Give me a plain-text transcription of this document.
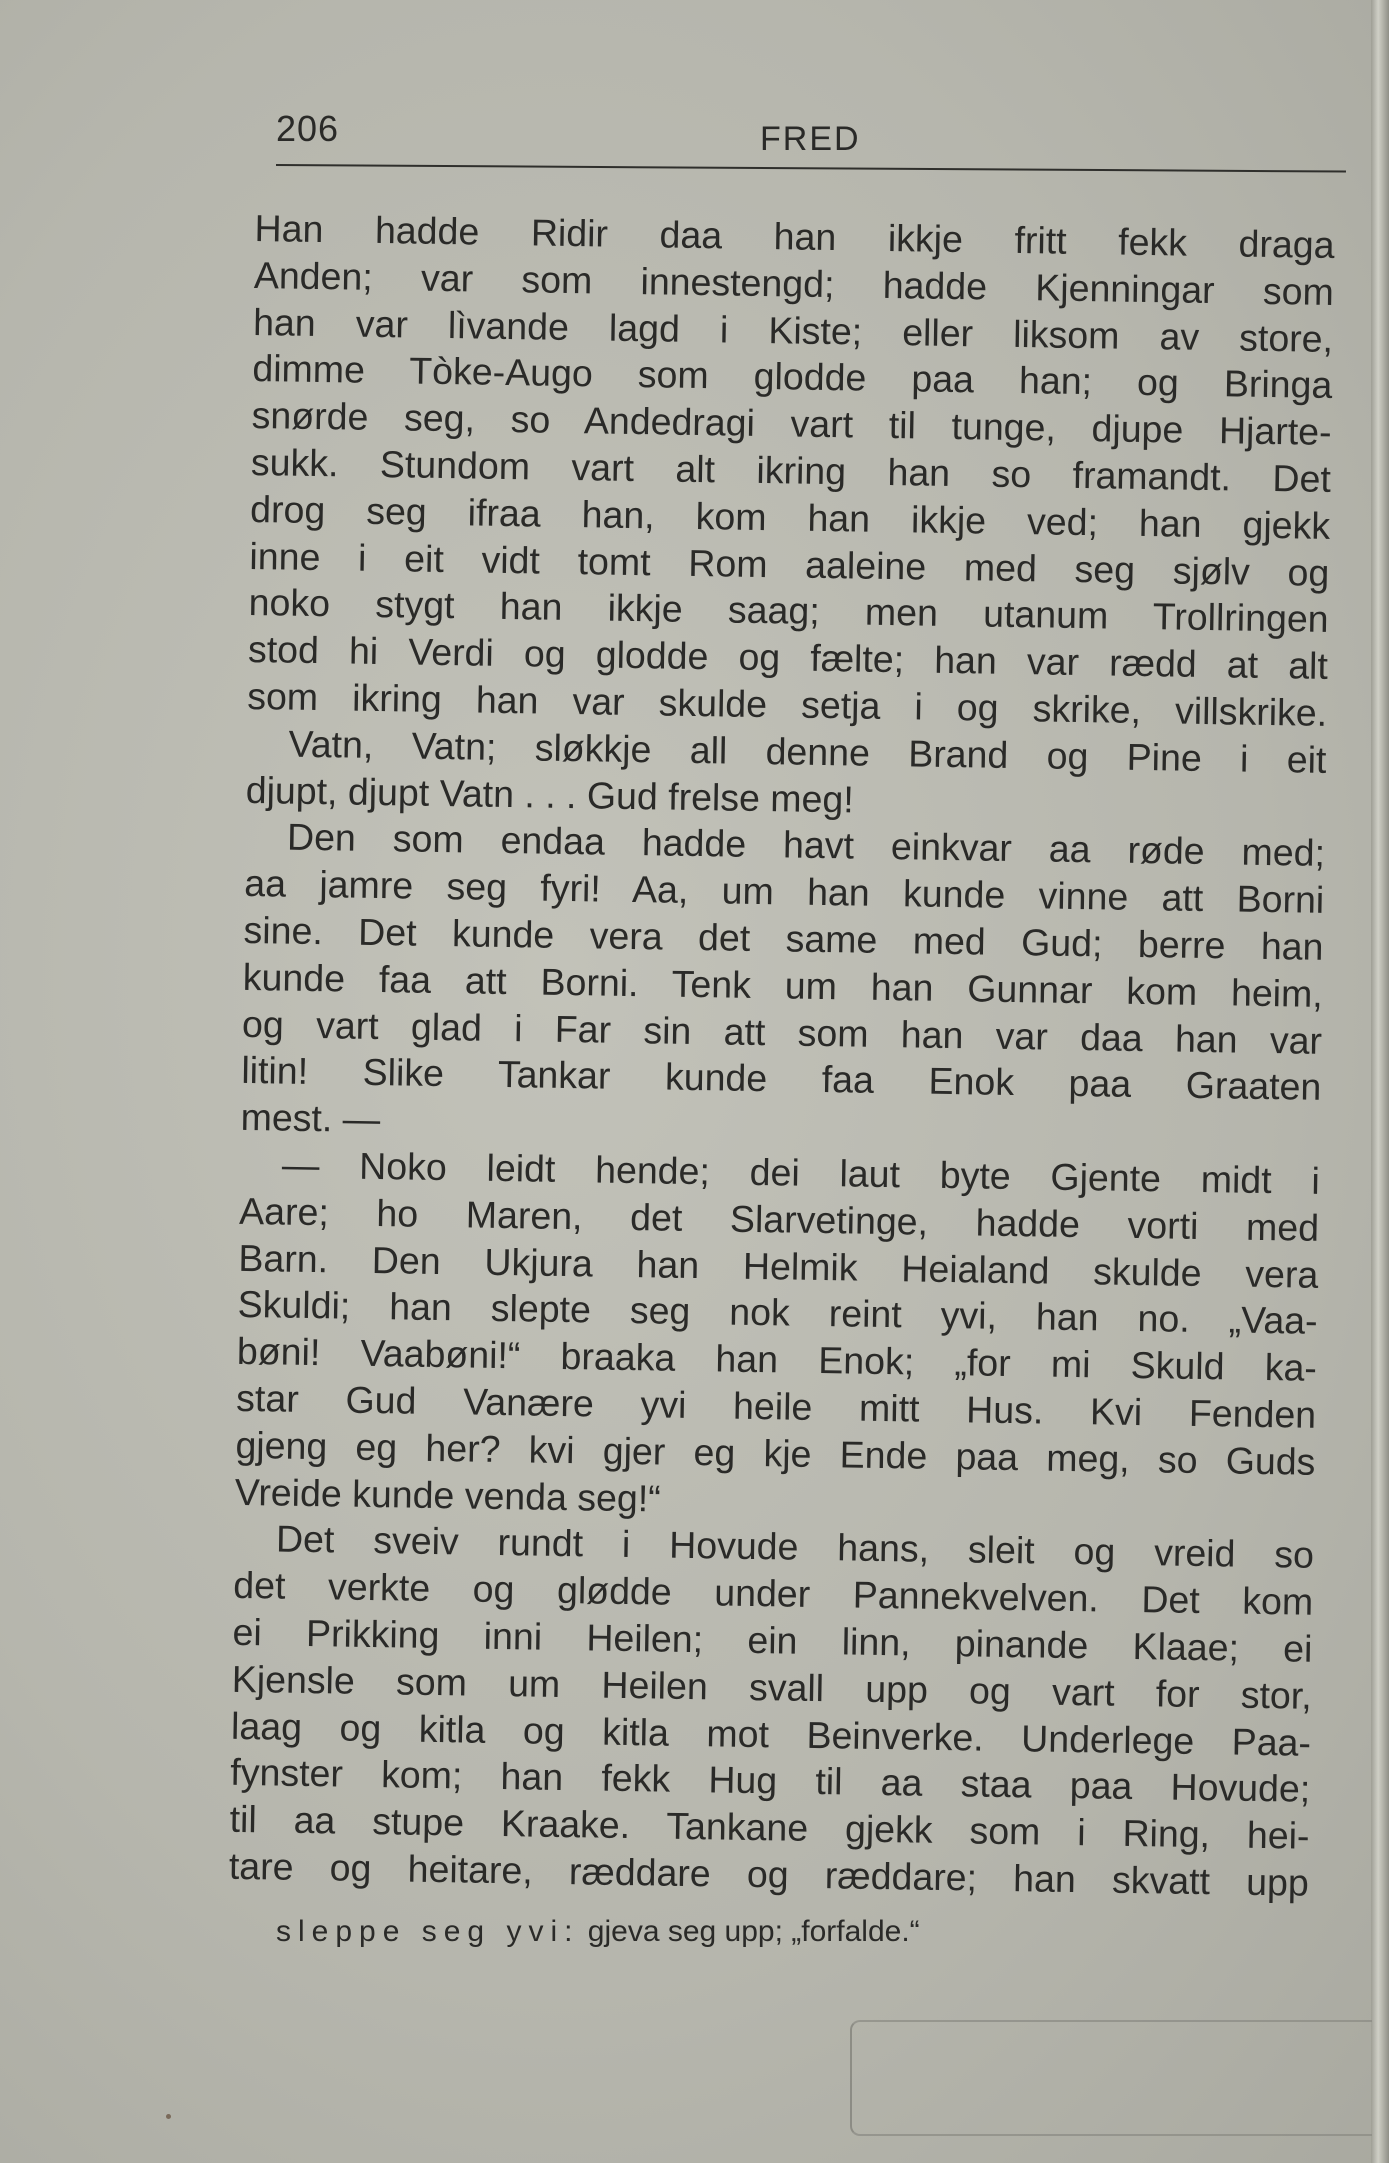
206	FRED
Han hadde Ridir daa han ikkje fritt fekk draga
Anden; var som innestengd; hadde Kjenningar som
han var lìvande lagd i Kiste; eller liksom av store,
dimme Tòke-Augo som glodde paa han; og Bringa
snørde seg, so Andedragi vart til tunge, djupe Hjarte-
sukk. Stundom vart alt ikring han so framandt. Det
drog seg ifraa han, kom han ikkje ved; han gjekk
inne i eit vidt tomt Rom aaleine med seg sjølv og
noko stygt han ikkje saag; men utanum Trollringen
stod hi Verdi og glodde og fælte; han var rædd at alt
som ikring han var skulde setja i og skrike, villskrike.
Vatn, Vatn; sløkkje all denne Brand og Pine i eit
djupt, djupt Vatn . . . Gud frelse meg!
Den som endaa hadde havt einkvar aa røde med;
aa jamre seg fyri! Aa, um han kunde vinne att Borni
sine. Det kunde vera det same med Gud; berre han
kunde faa att Borni. Tenk um han Gunnar kom heim,
og vart glad i Far sin att som han var daa han var
litin! Slike Tankar kunde faa Enok paa Graaten
mest. —
— Noko leidt hende; dei laut byte Gjente midt i
Aare; ho Maren, det Slarvetinge, hadde vorti med
Barn. Den Ukjura han Helmik Heialand skulde vera
Skuldi; han slepte seg nok reint yvi, han no. „Vaa-
bøni! Vaabøni!“ braaka han Enok; „for mi Skuld ka-
star Gud Vanære yvi heile mitt Hus. Kvi Fenden
gjeng eg her? kvi gjer eg kje Ende paa meg, so Guds
Vreide kunde venda seg!“
Det sveiv rundt i Hovude hans, sleit og vreid so
det verkte og glødde under Pannekvelven. Det kom
ei Prikking inni Heilen; ein linn, pinande Klaae; ei
Kjensle som um Heilen svall upp og vart for stor,
laag og kitla og kitla mot Beinverke. Underlege Paa-
fynster kom; han fekk Hug til aa staa paa Hovude;
til aa stupe Kraake. Tankane gjekk som i Ring, hei-
tare og heitare, ræddare og ræddare; han skvatt upp
sleppe seg yvi: gjeva seg upp; „forfalde.“
